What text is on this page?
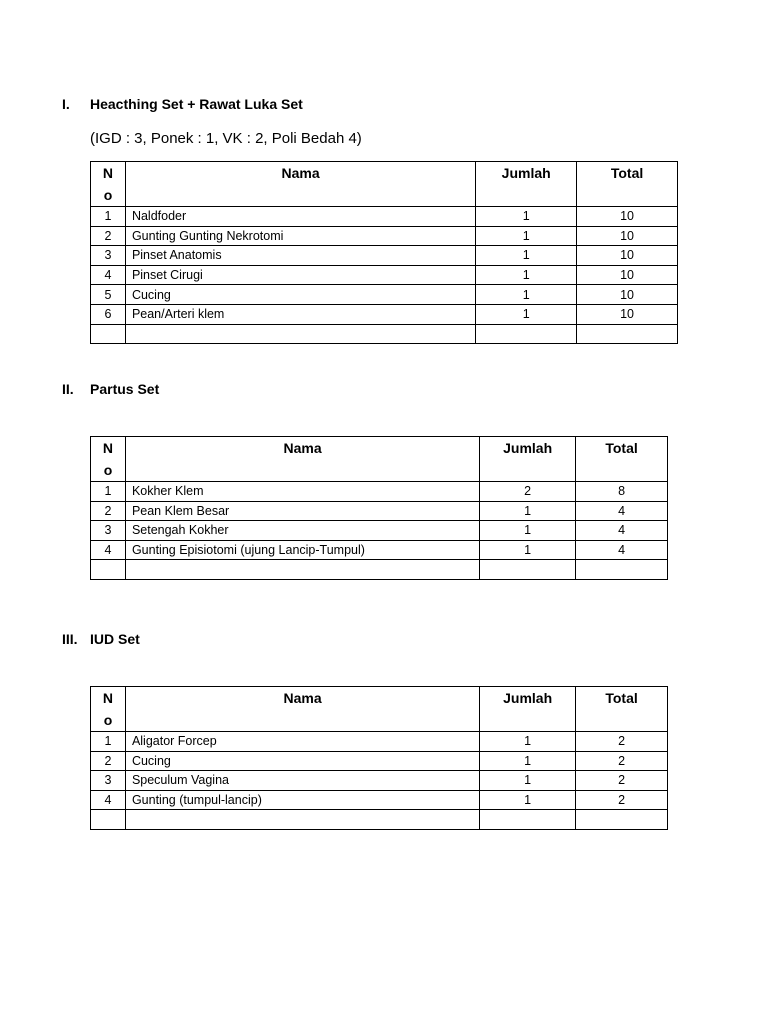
I.	Heacthing Set + Rawat Luka Set
(IGD : 3, Ponek : 1, VK : 2, Poli Bedah 4)
No	Nama	Jumlah	Total
1	Naldfoder	1	10
2	Gunting Gunting Nekrotomi	1	10
3	Pinset Anatomis	1	10
4	Pinset Cirugi	1	10
5	Cucing	1	10
6	Pean/Arteri klem	1	10

II.	Partus Set
No	Nama	Jumlah	Total
1	Kokher Klem	2	8
2	Pean Klem Besar	1	4
3	Setengah Kokher	1	4
4	Gunting Episiotomi (ujung Lancip-Tumpul)	1	4

III. IUD Set
No	Nama	Jumlah	Total
1	Aligator Forcep	1	2
2	Cucing	1	2
3	Speculum Vagina	1	2
4	Gunting (tumpul-lancip)	1	2
